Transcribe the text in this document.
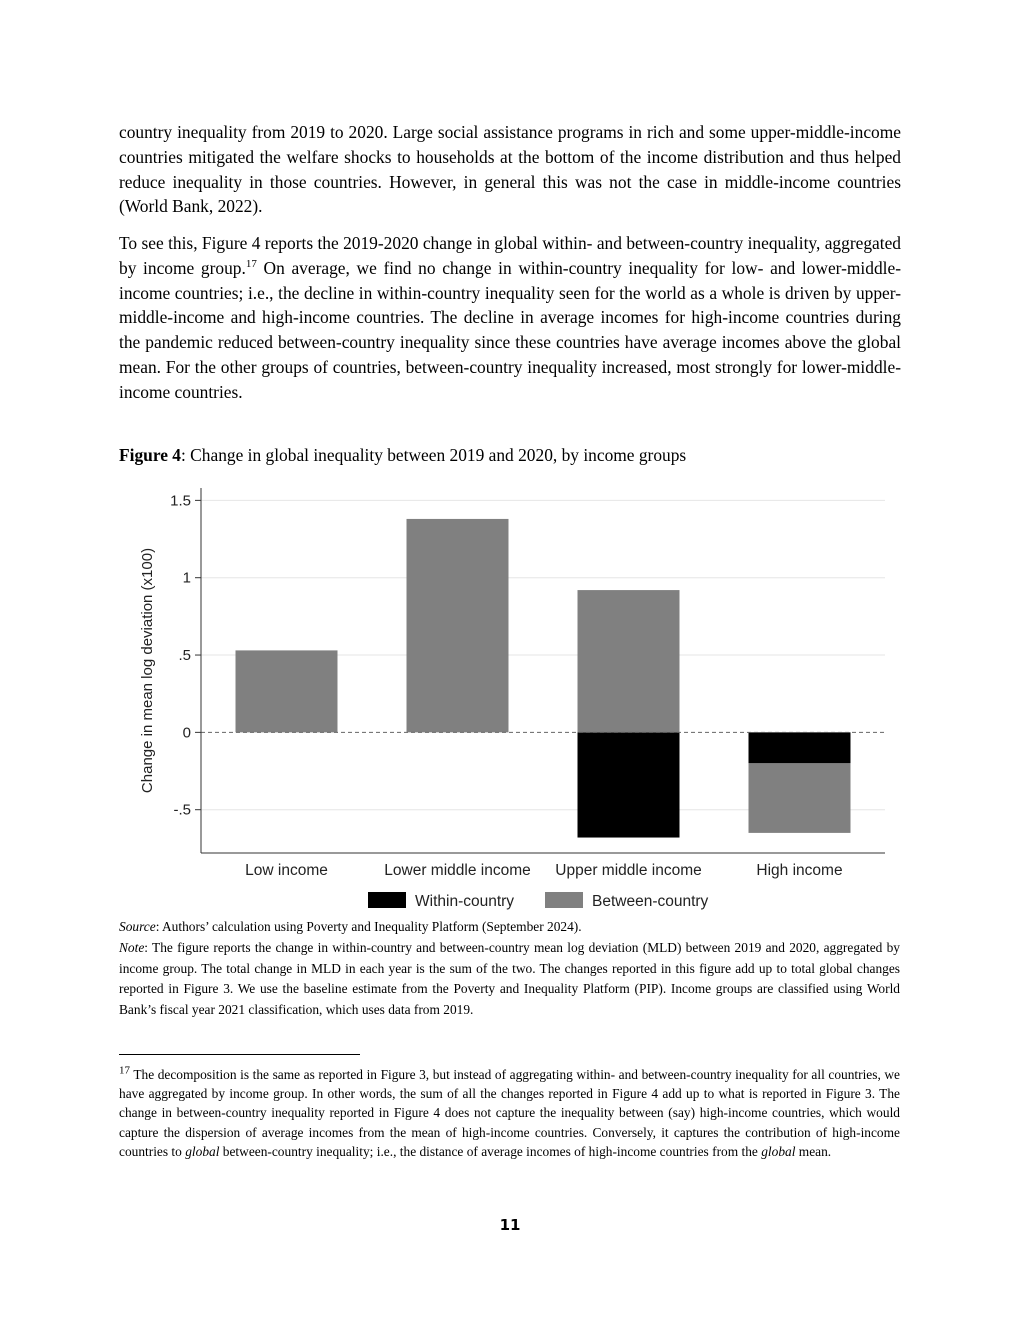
country inequality from 2019 to 2020. Large social assistance programs in rich and some upper-middle-income countries mitigated the welfare shocks to households at the bottom of the income distribution and thus helped reduce inequality in those countries. However, in general this was not the case in middle-income countries (World Bank, 2022).

To see this, Figure 4 reports the 2019-2020 change in global within- and between-country inequality, aggregated by income group.$^{17}$ On average, we find no change in within-country inequality for low- and lower-middle-income countries; i.e., the decline in within-country inequality seen for the world as a whole is driven by upper-middle-income and high-income countries. The decline in average incomes for high-income countries during the pandemic reduced between-country inequality since these countries have average incomes above the global mean. For the other groups of countries, between-country inequality increased, most strongly for lower-middle-income countries.

Figure 4: Change in global inequality between 2019 and 2020, by income groups

-.5
0
.5
1
1.5
Low income	Lower middle income Upper middle income	High income
Change in mean log deviation (x100)
Within-country	Between-country

Source: Authors’ calculation using Poverty and Inequality Platform (September 2024).

Note: The figure reports the change in within-country and between-country mean log deviation (MLD) between 2019 and 2020, aggregated by income group. The total change in MLD in each year is the sum of the two. The changes reported in this figure add up to total global changes reported in Figure 3. We use the baseline estimate from the Poverty and Inequality Platform (PIP). Income groups are classified using World Bank’s fiscal year 2021 classification, which uses data from 2019.

$^{17}$ The decomposition is the same as reported in Figure 3, but instead of aggregating within- and between-country inequality for all countries, we have aggregated by income group. In other words, the sum of all the changes reported in Figure 4 add up to what is reported in Figure 3. The change in between-country inequality reported in Figure 4 does not capture the inequality between (say) high-income countries, which would capture the dispersion of average incomes from the mean of high-income countries. Conversely, it captures the contribution of high-income countries to global between-country inequality; i.e., the distance of average incomes of high-income countries from the global mean.

11
